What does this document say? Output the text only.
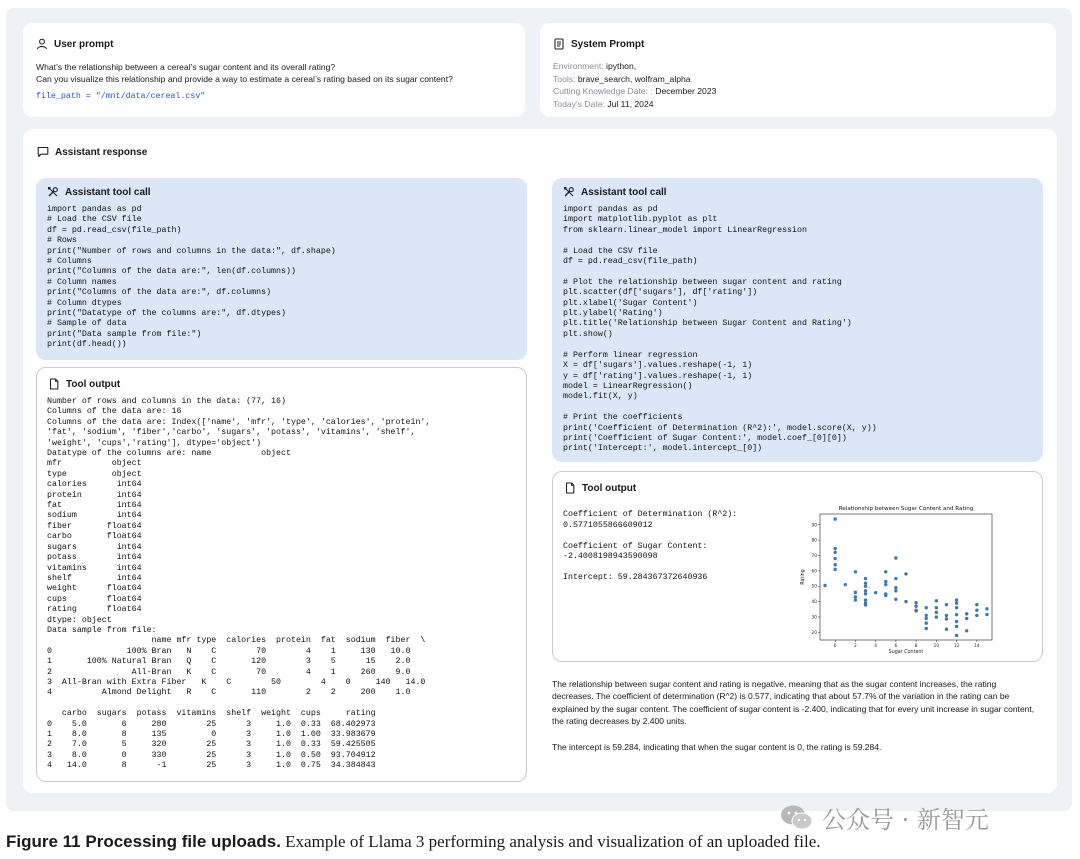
User prompt
What’s the relationship between a cereal’s sugar content and its overall rating?
Can you visualize this relationship and provide a way to estimate a cereal’s rating based on its sugar content?
file_path = "/mnt/data/cereal.csv"
System Prompt
Environment: ipython,
Tools: brave_search, wolfram_alpha
Cutting Knowledge Date: : December 2023
Today’s Date: Jul 11, 2024
Assistant response
Assistant tool call
import pandas as pd
# Load the CSV file
df = pd.read_csv(file_path)
# Rows
print("Number of rows and columns in the data:", df.shape)
# Columns
print("Columns of the data are:", len(df.columns))
# Column names
print("Columns of the data are:", df.columns)
# Column dtypes
print("Datatype of the columns are:", df.dtypes)
# Sample of data
print("Data sample from file:")
print(df.head())
Tool output
Number of rows and columns in the data: (77, 16)
Columns of the data are: 16
Columns of the data are: Index(['name', 'mfr', 'type', 'calories', 'protein',
'fat', 'sodium', 'fiber','carbo', 'sugars', 'potass', 'vitamins', 'shelf',
'weight', 'cups','rating'], dtype='object')
Datatype of the columns are: name          object
mfr          object
type         object
calories      int64
protein       int64
fat           int64
sodium        int64
fiber       float64
carbo       float64
sugars        int64
potass        int64
vitamins      int64
shelf         int64
weight      float64
cups        float64
rating      float64
dtype: object
Data sample from file:
name mfr type  calories  protein  fat  sodium  fiber  \
0               100% Bran   N    C        70        4    1     130   10.0
1       100% Natural Bran   Q    C       120        3    5      15    2.0
2                All-Bran   K    C        70        4    1     260    9.0
3  All-Bran with Extra Fiber   K    C        50        4    0     140   14.0
4          Almond Delight   R    C       110        2    2     200    1.0

carbo  sugars  potass  vitamins  shelf  weight  cups     rating
0    5.0       6     280        25      3     1.0  0.33  68.402973
1    8.0       8     135         0      3     1.0  1.00  33.983679
2    7.0       5     320        25      3     1.0  0.33  59.425505
3    8.0       0     330        25      3     1.0  0.50  93.704912
4   14.0       8      -1        25      3     1.0  0.75  34.384843
Assistant tool call
import pandas as pd
import matplotlib.pyplot as plt
from sklearn.linear_model import LinearRegression

# Load the CSV file
df = pd.read_csv(file_path)

# Plot the relationship between sugar content and rating
plt.scatter(df['sugars'], df['rating'])
plt.xlabel('Sugar Content')
plt.ylabel('Rating')
plt.title('Relationship between Sugar Content and Rating')
plt.show()

# Perform linear regression
X = df['sugars'].values.reshape(-1, 1)
y = df['rating'].values.reshape(-1, 1)
model = LinearRegression()
model.fit(X, y)

# Print the coefficients
print('Coefficient of Determination (R^2):', model.score(X, y))
print('Coefficient of Sugar Content:', model.coef_[0][0])
print('Intercept:', model.intercept_[0])
Tool output
Coefficient of Determination (R^2):
0.5771055866609012

Coefficient of Sugar Content:
-2.4008198943590098

Intercept: 59.284367372640936
Relationship between Sugar Content and Rating
0	2	4	6	8	10	12	14
20
30
40
50
60
70
80
90
Sugar Content
Rating
The relationship between sugar content and rating is negative, meaning that as the sugar content increases, the rating decreases. The coefficient of determination (R^2) is 0.577, indicating that about 57.7% of the variation in the rating can be explained by the sugar content. The coefficient of sugar content is -2.400, indicating that for every unit increase in sugar content, the rating decreases by 2.400 units.
The intercept is 59.284, indicating that when the sugar content is 0, the rating is 59.284.
公众号 · 新智元
Figure 11 Processing file uploads. Example of Llama 3 performing analysis and visualization of an uploaded file.
